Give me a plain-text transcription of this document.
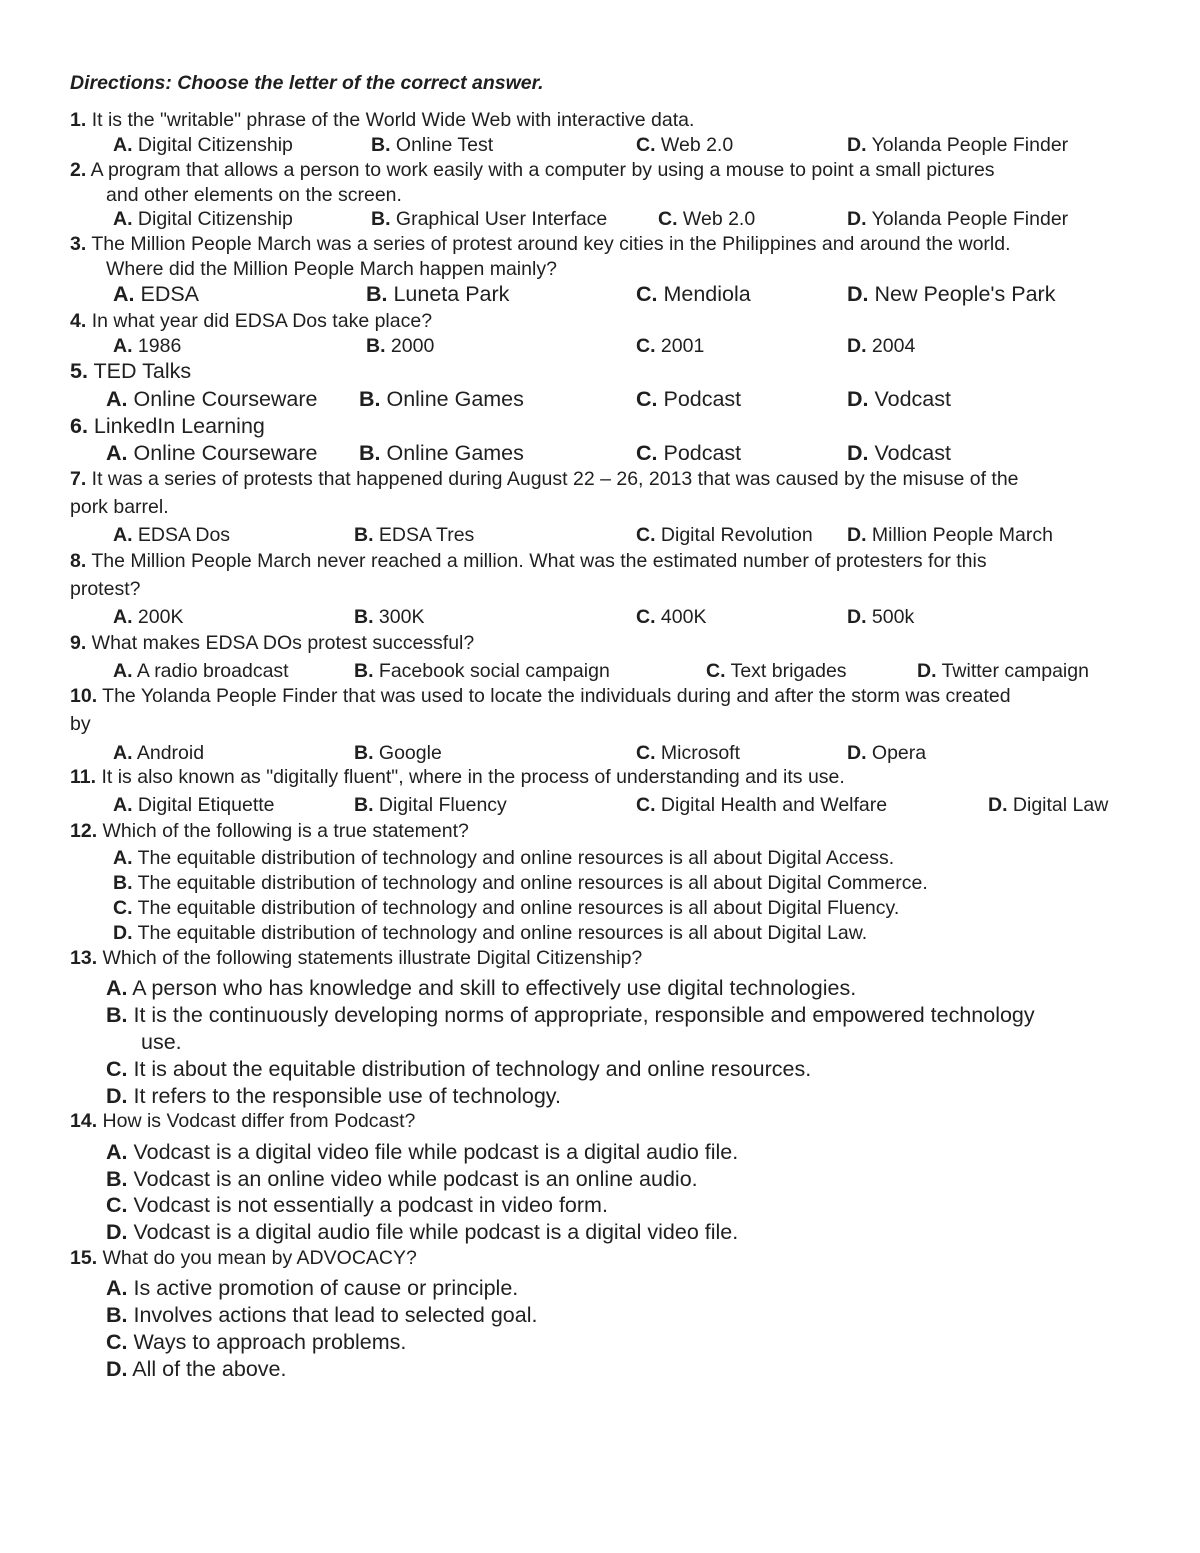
Directions: Choose the letter of the correct answer.
1. It is the "writable" phrase of the World Wide Web with interactive data.
A. Digital Citizenship	B. Online Test	C. Web 2.0	D. Yolanda People Finder
2. A program that allows a person to work easily with a computer by using a mouse to point a small pictures
and other elements on the screen.
A. Digital Citizenship	B. Graphical User Interface	C. Web 2.0	D. Yolanda People Finder
3. The Million People March was a series of protest around key cities in the Philippines and around the world.
Where did the Million People March happen mainly?
A. EDSA	B. Luneta Park	C. Mendiola	D. New People's Park
4. In what year did EDSA Dos take place?
A. 1986	B. 2000	C. 2001	D. 2004
5. TED Talks
A. Online Courseware B. Online Games	C. Podcast	D. Vodcast
6. LinkedIn Learning
A. Online Courseware B. Online Games	C. Podcast	D. Vodcast
7. It was a series of protests that happened during August 22 – 26, 2013 that was caused by the misuse of the
pork barrel.
A. EDSA Dos	B. EDSA Tres	C. Digital Revolution D. Million People March
8. The Million People March never reached a million. What was the estimated number of protesters for this
protest?
A. 200K	B. 300K	C. 400K	D. 500k
9. What makes EDSA DOs protest successful?
A. A radio broadcast	B. Facebook social campaign	C. Text brigades	D. Twitter campaign
10. The Yolanda People Finder that was used to locate the individuals during and after the storm was created
by
A. Android	B. Google	C. Microsoft	D. Opera
11. It is also known as "digitally fluent", where in the process of understanding and its use.
A. Digital Etiquette	B. Digital Fluency	C. Digital Health and Welfare	D. Digital Law
12. Which of the following is a true statement?
A. The equitable distribution of technology and online resources is all about Digital Access.
B. The equitable distribution of technology and online resources is all about Digital Commerce.
C. The equitable distribution of technology and online resources is all about Digital Fluency.
D. The equitable distribution of technology and online resources is all about Digital Law.
13. Which of the following statements illustrate Digital Citizenship?
A. A person who has knowledge and skill to effectively use digital technologies.
B. It is the continuously developing norms of appropriate, responsible and empowered technology
use.
C. It is about the equitable distribution of technology and online resources.
D. It refers to the responsible use of technology.
14. How is Vodcast differ from Podcast?
A. Vodcast is a digital video file while podcast is a digital audio file.
B. Vodcast is an online video while podcast is an online audio.
C. Vodcast is not essentially a podcast in video form.
D. Vodcast is a digital audio file while podcast is a digital video file.
15. What do you mean by ADVOCACY?
A. Is active promotion of cause or principle.
B. Involves actions that lead to selected goal.
C. Ways to approach problems.
D. All of the above.
